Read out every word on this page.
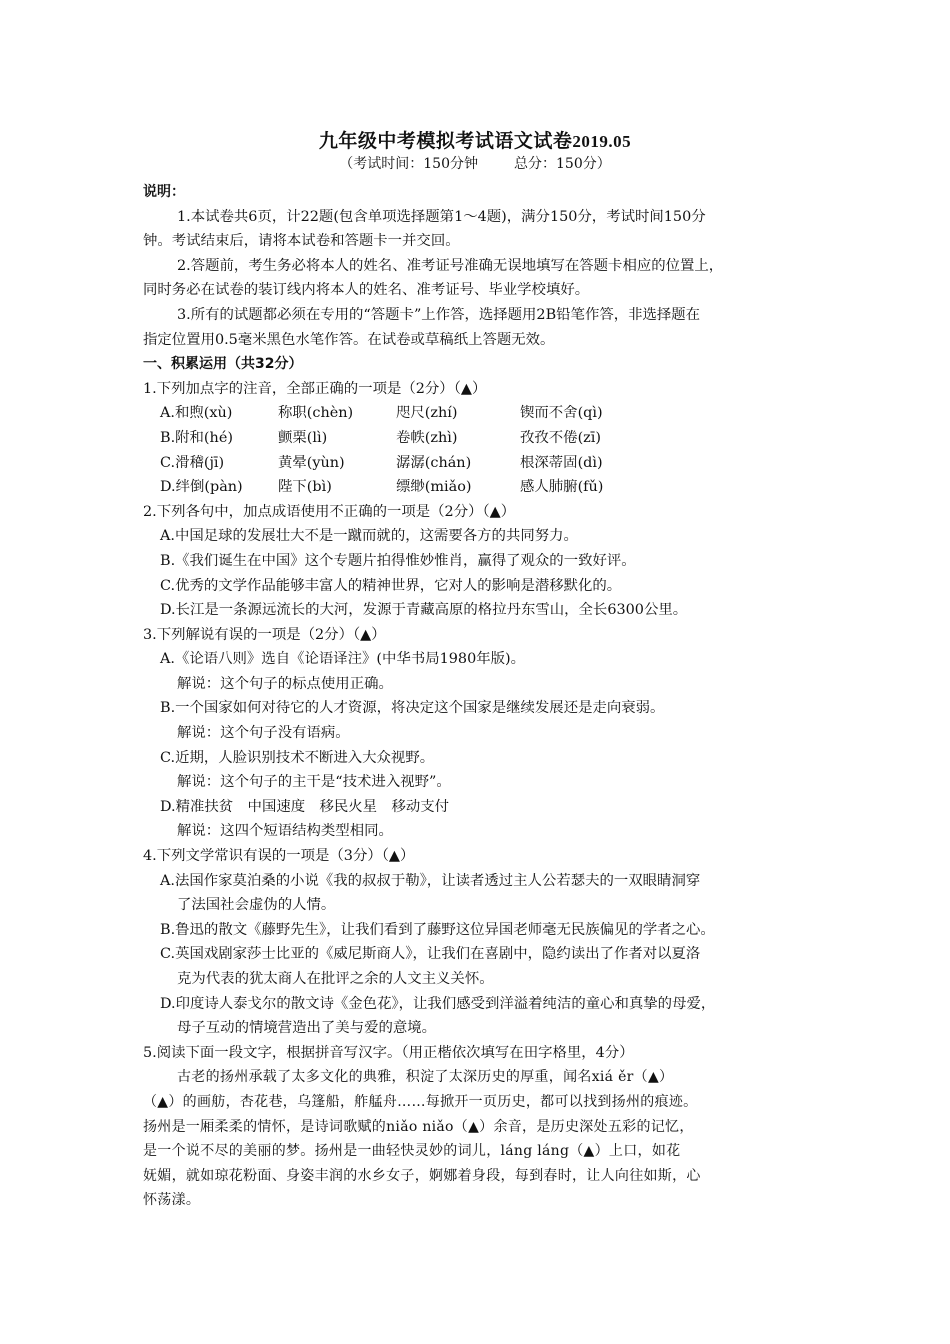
九年级中考模拟考试语文试卷2019.05
（考试时间：150分钟	总分：150分）
说明：
1.本试卷共6页，计22题(包含单项选择题第1～4题)，满分150分，考试时间150分
钟。考试结束后，请将本试卷和答题卡一并交回。
2.答题前，考生务必将本人的姓名、准考证号准确无误地填写在答题卡相应的位置上，
同时务必在试卷的装订线内将本人的姓名、准考证号、毕业学校填好。
3.所有的试题都必须在专用的“答题卡”上作答，选择题用2B铅笔作答，非选择题在
指定位置用0.5毫米黑色水笔作答。在试卷或草稿纸上答题无效。
一、积累运用（共32分）
1.下列加点字的注音，全部正确的一项是（2分）（▲）
A.和煦(xù)	称职(chèn)	咫尺(zhí)	锲而不舍(qì)
B.附和(hé)	颤栗(lì)	卷帙(zhì)	孜孜不倦(zī)
C.滑稽(jī)	黄晕(yùn)	潺潺(chán)	根深蒂固(dì)
D.绊倒(pàn)	陛下(bì)	缥缈(miǎo)	感人肺腑(fǔ)
2.下列各句中，加点成语使用不正确的一项是（2分）（▲）
A.中国足球的发展壮大不是一蹴而就的，这需要各方的共同努力。
B.《我们诞生在中国》这个专题片拍得惟妙惟肖，赢得了观众的一致好评。
C.优秀的文学作品能够丰富人的精神世界，它对人的影响是潜移默化的。
D.长江是一条源远流长的大河，发源于青藏高原的格拉丹东雪山，全长6300公里。
3.下列解说有误的一项是（2分）（▲）
A.《论语八则》选自《论语译注》(中华书局1980年版)。
解说：这个句子的标点使用正确。
B.一个国家如何对待它的人才资源，将决定这个国家是继续发展还是走向衰弱。
解说：这个句子没有语病。
C.近期，人脸识别技术不断进入大众视野。
解说：这个句子的主干是“技术进入视野”。
D.精准扶贫　中国速度　移民火星　移动支付
解说：这四个短语结构类型相同。
4.下列文学常识有误的一项是（3分）（▲）
A.法国作家莫泊桑的小说《我的叔叔于勒》，让读者透过主人公若瑟夫的一双眼睛洞穿
了法国社会虚伪的人情。
B.鲁迅的散文《藤野先生》，让我们看到了藤野这位异国老师毫无民族偏见的学者之心。
C.英国戏剧家莎士比亚的《威尼斯商人》，让我们在喜剧中，隐约读出了作者对以夏洛
克为代表的犹太商人在批评之余的人文主义关怀。
D.印度诗人泰戈尔的散文诗《金色花》，让我们感受到洋溢着纯洁的童心和真挚的母爱，
母子互动的情境营造出了美与爱的意境。
5.阅读下面一段文字，根据拼音写汉字。（用正楷依次填写在田字格里，4分）
古老的扬州承载了太多文化的典雅，积淀了太深历史的厚重，闻名xiá ěr（▲）
（▲）的画舫，杏花巷，乌篷船，舴艋舟……每掀开一页历史，都可以找到扬州的痕迹。
扬州是一厢柔柔的情怀，是诗词歌赋的niǎo niǎo（▲）余音，是历史深处五彩的记忆，
是一个说不尽的美丽的梦。扬州是一曲轻快灵妙的词儿，láng láng（▲）上口，如花
妩媚，就如琼花粉面、身姿丰润的水乡女子，婀娜着身段，每到春时，让人向往如斯，心
怀荡漾。
